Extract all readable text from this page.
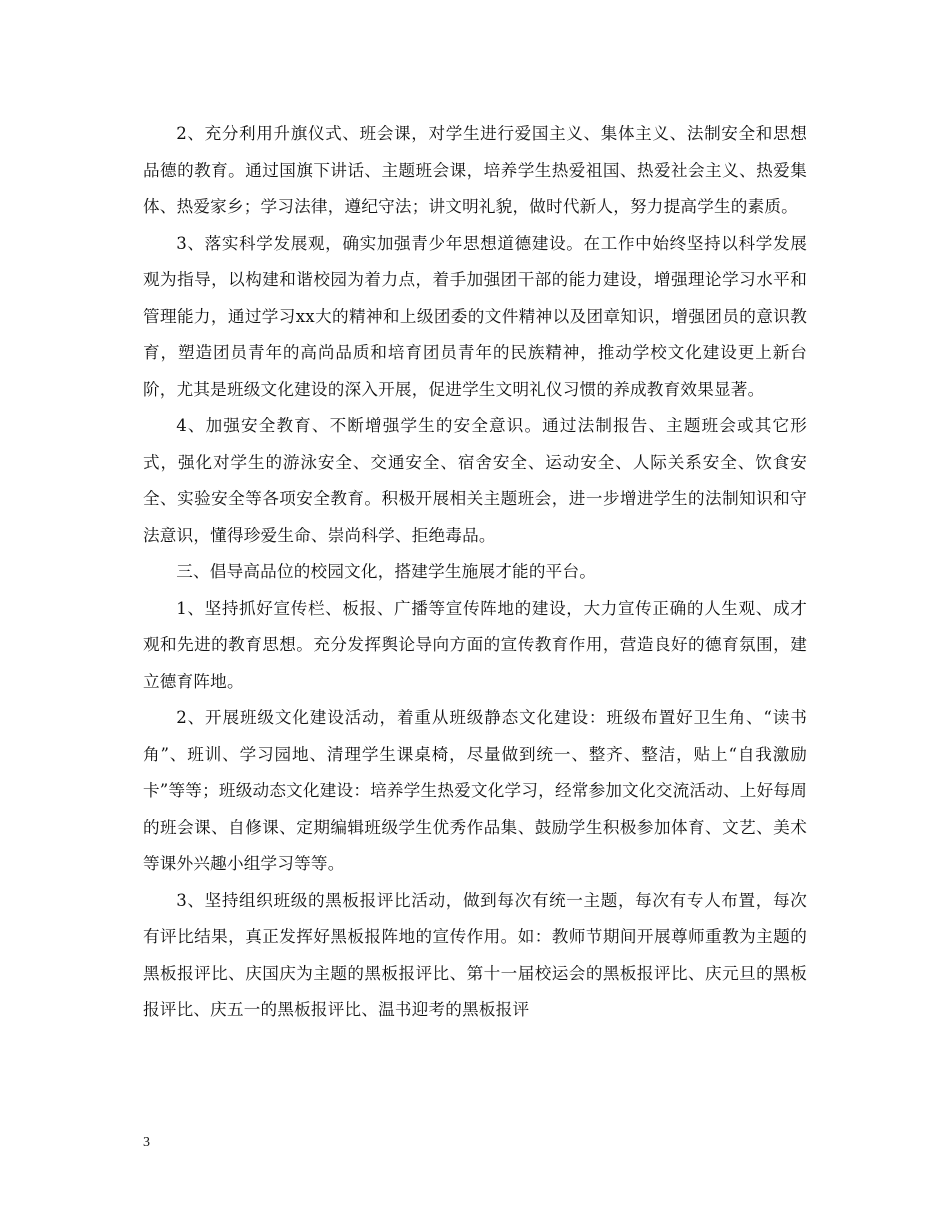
2、充分利用升旗仪式、班会课，对学生进行爱国主义、集体主义、法制安全和思想品德的教育。通过国旗下讲话、主题班会课，培养学生热爱祖国、热爱社会主义、热爱集体、热爱家乡；学习法律，遵纪守法；讲文明礼貌，做时代新人，努力提高学生的素质。

3、落实科学发展观，确实加强青少年思想道德建设。在工作中始终坚持以科学发展观为指导，以构建和谐校园为着力点，着手加强团干部的能力建设，增强理论学习水平和管理能力，通过学习xx大的精神和上级团委的文件精神以及团章知识，增强团员的意识教育，塑造团员青年的高尚品质和培育团员青年的民族精神，推动学校文化建设更上新台阶，尤其是班级文化建设的深入开展，促进学生文明礼仪习惯的养成教育效果显著。

4、加强安全教育、不断增强学生的安全意识。通过法制报告、主题班会或其它形式，强化对学生的游泳安全、交通安全、宿舍安全、运动安全、人际关系安全、饮食安全、实验安全等各项安全教育。积极开展相关主题班会，进一步增进学生的法制知识和守法意识，懂得珍爱生命、崇尚科学、拒绝毒品。

三、倡导高品位的校园文化，搭建学生施展才能的平台。

1、坚持抓好宣传栏、板报、广播等宣传阵地的建设，大力宣传正确的人生观、成才观和先进的教育思想。充分发挥舆论导向方面的宣传教育作用，营造良好的德育氛围，建立德育阵地。

2、开展班级文化建设活动，着重从班级静态文化建设：班级布置好卫生角、“读书角”、班训、学习园地、清理学生课桌椅，尽量做到统一、整齐、整洁，贴上“自我激励卡”等等；班级动态文化建设：培养学生热爱文化学习，经常参加文化交流活动、上好每周的班会课、自修课、定期编辑班级学生优秀作品集、鼓励学生积极参加体育、文艺、美术等课外兴趣小组学习等等。

3、坚持组织班级的黑板报评比活动，做到每次有统一主题，每次有专人布置，每次有评比结果，真正发挥好黑板报阵地的宣传作用。如：教师节期间开展尊师重教为主题的黑板报评比、庆国庆为主题的黑板报评比、第十一届校运会的黑板报评比、庆元旦的黑板报评比、庆五一的黑板报评比、温书迎考的黑板报评

3
